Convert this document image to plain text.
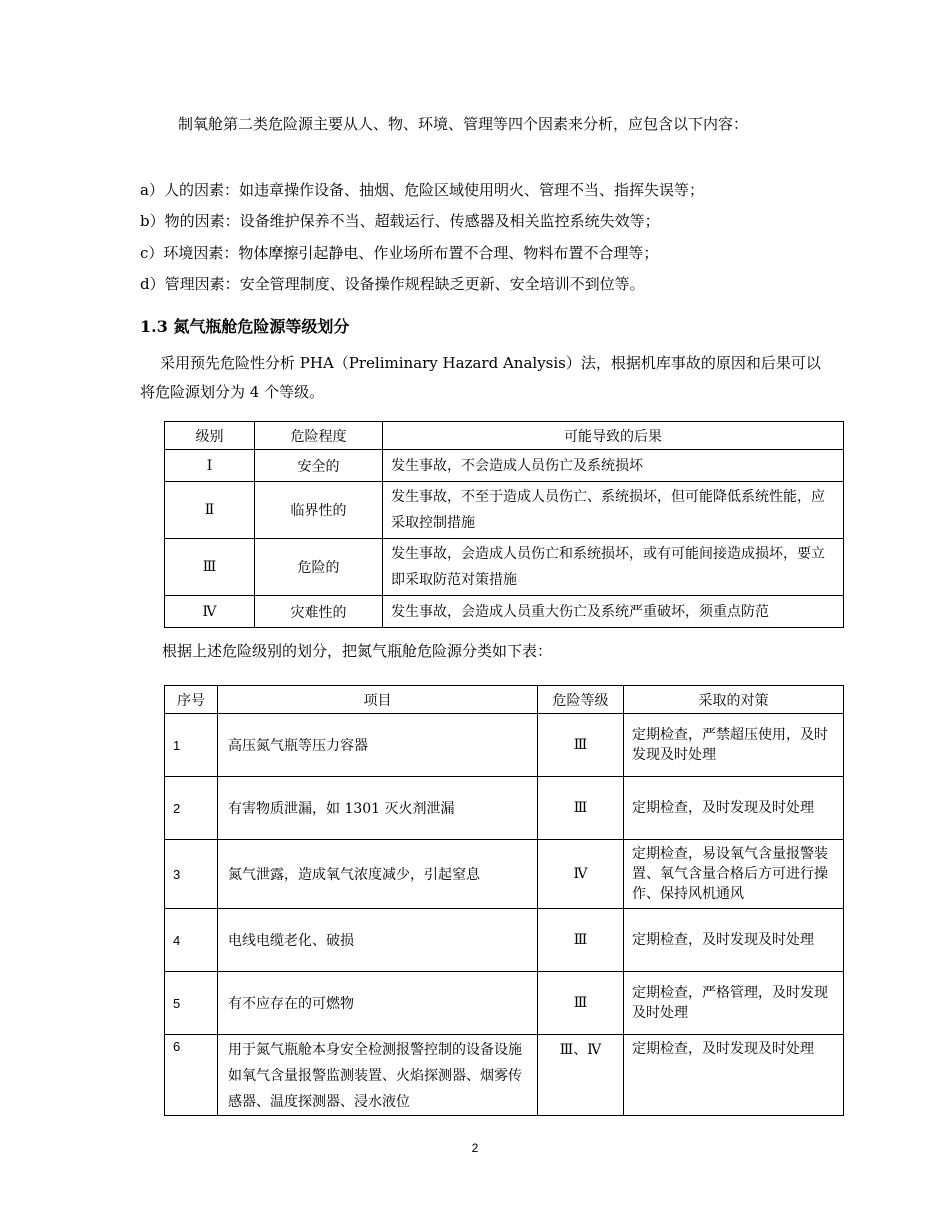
制氧舱第二类危险源主要从人、物、环境、管理等四个因素来分析，应包含以下内容：

a）人的因素：如违章操作设备、抽烟、危险区域使用明火、管理不当、指挥失误等；
b）物的因素：设备维护保养不当、超载运行、传感器及相关监控系统失效等；
c）环境因素：物体摩擦引起静电、作业场所布置不合理、物料布置不合理等；
d）管理因素：安全管理制度、设备操作规程缺乏更新、安全培训不到位等。
1.3 氮气瓶舱危险源等级划分

采用预先危险性分析 PHA（Preliminary Hazard Analysis）法，根据机库事故的原因和后果可以将危险源划分为 4 个等级。

级别	危险程度	可能导致的后果
Ⅰ	安全的	发生事故，不会造成人员伤亡及系统损坏
Ⅱ	临界性的	发生事故，不至于造成人员伤亡、系统损坏，但可能降低系统性能，应采取控制措施
Ⅲ	危险的	发生事故，会造成人员伤亡和系统损坏，或有可能间接造成损坏，要立即采取防范对策措施
Ⅳ	灾难性的	发生事故，会造成人员重大伤亡及系统严重破坏，须重点防范
根据上述危险级别的划分，把氮气瓶舱危险源分类如下表：
序号	项目	危险等级	采取的对策
1	高压氮气瓶等压力容器	Ⅲ	定期检查，严禁超压使用，及时发现及时处理
2	有害物质泄漏，如 1301 灭火剂泄漏	Ⅲ	定期检查，及时发现及时处理
3	氮气泄露，造成氧气浓度减少，引起窒息	Ⅳ	定期检查，易设氧气含量报警装置、氧气含量合格后方可进行操作、保持风机通风
4	电线电缆老化、破损	Ⅲ	定期检查，及时发现及时处理
5	有不应存在的可燃物	Ⅲ	定期检查，严格管理，及时发现及时处理
6	用于氮气瓶舱本身安全检测报警控制的设备设施如氧气含量报警监测装置、火焰探测器、烟雾传感器、温度探测器、浸水液位	Ⅲ、Ⅳ	定期检查，及时发现及时处理
2
